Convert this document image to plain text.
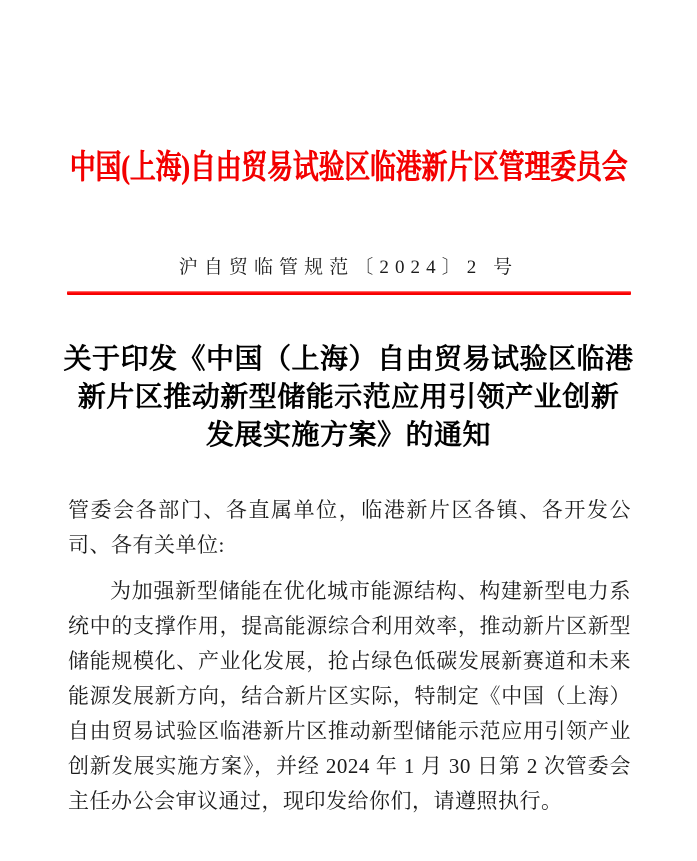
中国(上海)自由贸易试验区临港新片区管理委员会
沪自贸临管规范〔2024〕2 号
关于印发《中国（上海）自由贸易试验区临港
新片区推动新型储能示范应用引领产业创新
发展实施方案》的通知

管委会各部门、各直属单位，临港新片区各镇、各开发公司、各有关单位:

为加强新型储能在优化城市能源结构、构建新型电力系统中的支撑作用，提高能源综合利用效率，推动新片区新型储能规模化、产业化发展，抢占绿色低碳发展新赛道和未来能源发展新方向，结合新片区实际，特制定《中国（上海）自由贸易试验区临港新片区推动新型储能示范应用引领产业创新发展实施方案》，并经 2024 年 1 月 30 日第 2 次管委会主任办公会审议通过，现印发给你们，请遵照执行。
